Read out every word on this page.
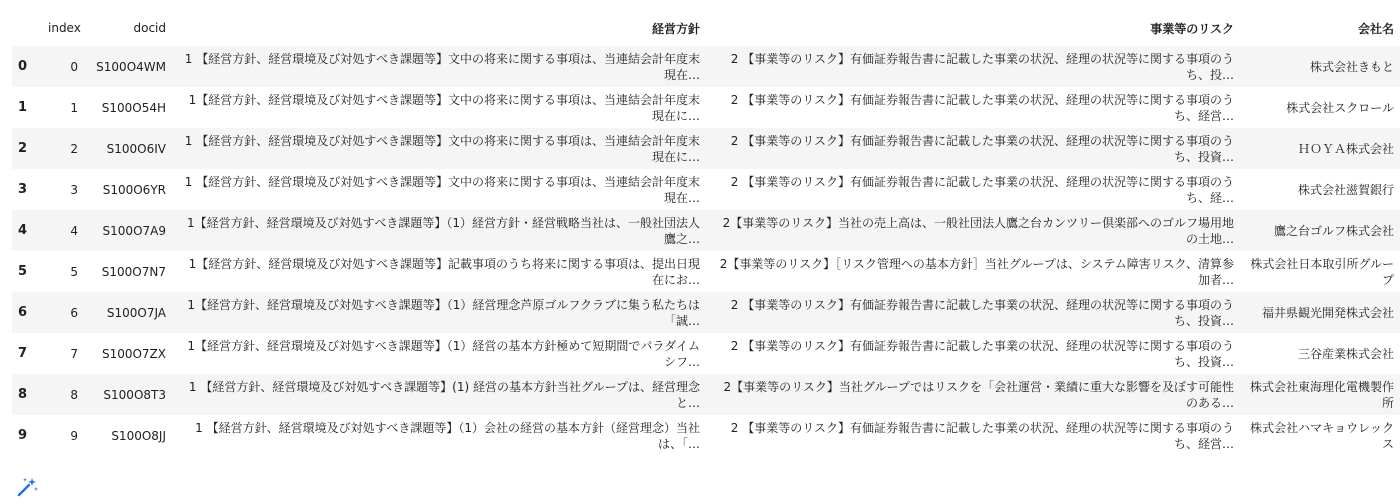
	index	docid	経営方針	事業等のリスク	会社名
0	0	S100O4WM	1 【経営方針、経営環境及び対処すべき課題等】文中の将来に関する事項は、当連結会計年度末現在…	2 【事業等のリスク】有価証券報告書に記載した事業の状況、経理の状況等に関する事項のうち、投…	株式会社きもと
1	1	S100O54H	1【経営方針、経営環境及び対処すべき課題等】文中の将来に関する事項は、当連結会計年度末現在に…	2 【事業等のリスク】有価証券報告書に記載した事業の状況、経理の状況等に関する事項のうち、経営…	株式会社スクロール
2	2	S100O6IV	1 【経営方針、経営環境及び対処すべき課題等】文中の将来に関する事項は、当連結会計年度末現在に…	2 【事業等のリスク】有価証券報告書に記載した事業の状況、経理の状況等に関する事項のうち、投資…	ＨＯＹＡ株式会社
3	3	S100O6YR	1 【経営方針、経営環境及び対処すべき課題等】文中の将来に関する事項は、当連結会計年度末現在…	2 【事業等のリスク】有価証券報告書に記載した事業の状況、経理の状況等に関する事項のうち、経…	株式会社滋賀銀行
4	4	S100O7A9	1【経営方針、経営環境及び対処すべき課題等】（1）経営方針・経営戦略当社は、一般社団法人鷹之…	2【事業等のリスク】当社の売上高は、一般社団法人鷹之台カンツリー倶楽部へのゴルフ場用地の土地…	鷹之台ゴルフ株式会社
5	5	S100O7N7	1【経営方針、経営環境及び対処すべき課題等】記載事項のうち将来に関する事項は、提出日現在にお…	2【事業等のリスク】［リスク管理への基本方針］当社グループは、システム障害リスク、清算参加者…	株式会社日本取引所グループ
6	6	S100O7JA	1【経営方針、経営環境及び対処すべき課題等】（1）経営理念芦原ゴルフクラブに集う私たちは「誠…	2 【事業等のリスク】有価証券報告書に記載した事業の状況、経理の状況等に関する事項のうち、投資…	福井県観光開発株式会社
7	7	S100O7ZX	1【経営方針、経営環境及び対処すべき課題等】（1）経営の基本方針極めて短期間でパラダイムシフ…	2 【事業等のリスク】有価証券報告書に記載した事業の状況、経理の状況等に関する事項のうち、投資…	三谷産業株式会社
8	8	S100O8T3	1 【経営方針、経営環境及び対処すべき課題等】(1) 経営の基本方針当社グループは、経営理念と…	2【事業等のリスク】当社グループではリスクを「会社運営・業績に重大な影響を及ぼす可能性のある…	株式会社東海理化電機製作所
9	9	S100O8JJ	1 【経営方針、経営環境及び対処すべき課題等】（1）会社の経営の基本方針（経営理念）当社は、「…	2 【事業等のリスク】有価証券報告書に記載した事業の状況、経理の状況等に関する事項のうち、経営…	株式会社ハマキョウレックス
